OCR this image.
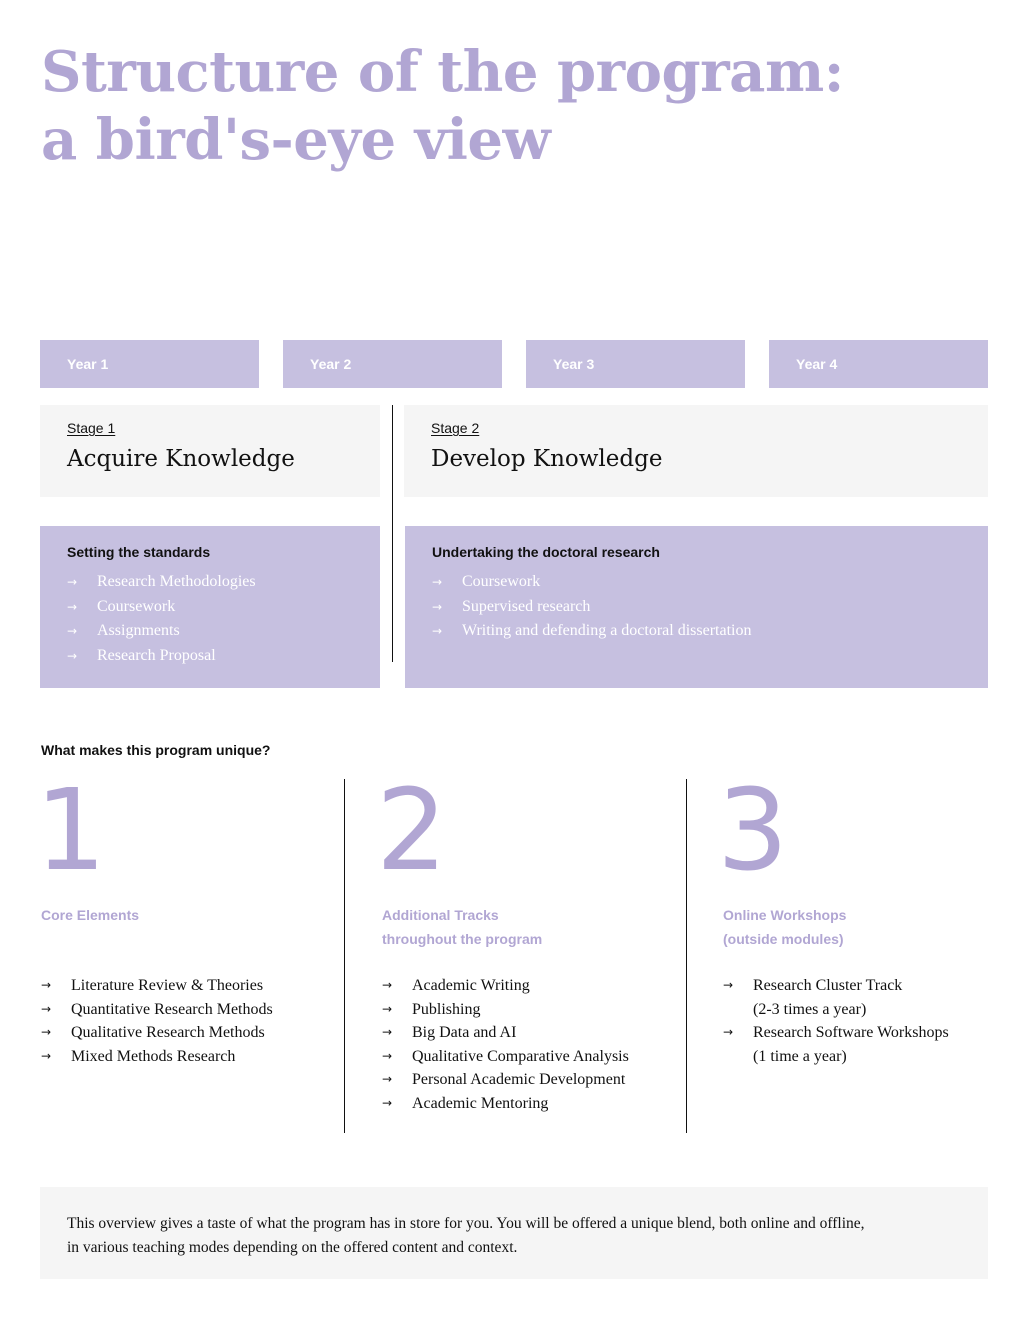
Structure of the program:
a bird's-eye view
Year 1	Year 2	Year 3	Year 4
Stage 1
Acquire Knowledge
Stage 2
Develop Knowledge
Setting the standards
→ Research Methodologies
→ Coursework
→ Assignments
→ Research Proposal
Undertaking the doctoral research
→ Coursework
→ Supervised research
→ Writing and defending a doctoral dissertation
What makes this program unique?
1
Core Elements
→	Literature Review & Theories
→	Quantitative Research Methods
→	Qualitative Research Methods
→	Mixed Methods Research
2
Additional Tracks
throughout the program
→	Academic Writing
→	Publishing
→	Big Data and AI
→	Qualitative Comparative Analysis
→	Personal Academic Development
→	Academic Mentoring
3
Online Workshops
(outside modules)
→	Research Cluster Track
(2-3 times a year)
→	Research Software Workshops
(1 time a year)
This overview gives a taste of what the program has in store for you. You will be offered a unique blend, both online and offline,
in various teaching modes depending on the offered content and context.
